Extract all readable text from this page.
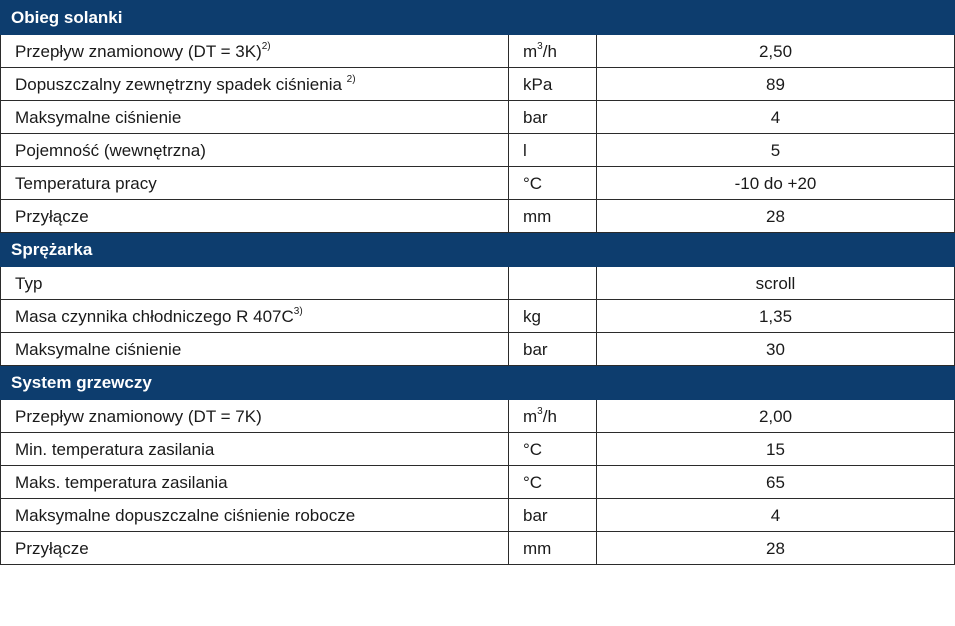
Obieg solanki		
Przepływ znamionowy (DT = 3K)$^{2)}$	$m^3/h$	2,50
Dopuszczalny zewnętrzny spadek ciśnienia $^{2)}$	kPa	89
Maksymalne ciśnienie	bar	4
Pojemność (wewnętrzna)	l	5
Temperatura pracy	°C	-10 do +20
Przyłącze	mm	28
Sprężarka		
Typ		scroll
Masa czynnika chłodniczego R $407C^{3)}$	kg	1,35
Maksymalne ciśnienie	bar	30
System grzewczy		
Przepływ znamionowy (DT = 7K)	$m^3/h$	2,00
Min. temperatura zasilania	°C	15
Maks. temperatura zasilania	°C	65
Maksymalne dopuszczalne ciśnienie robocze	bar	4
Przyłącze	mm	28
